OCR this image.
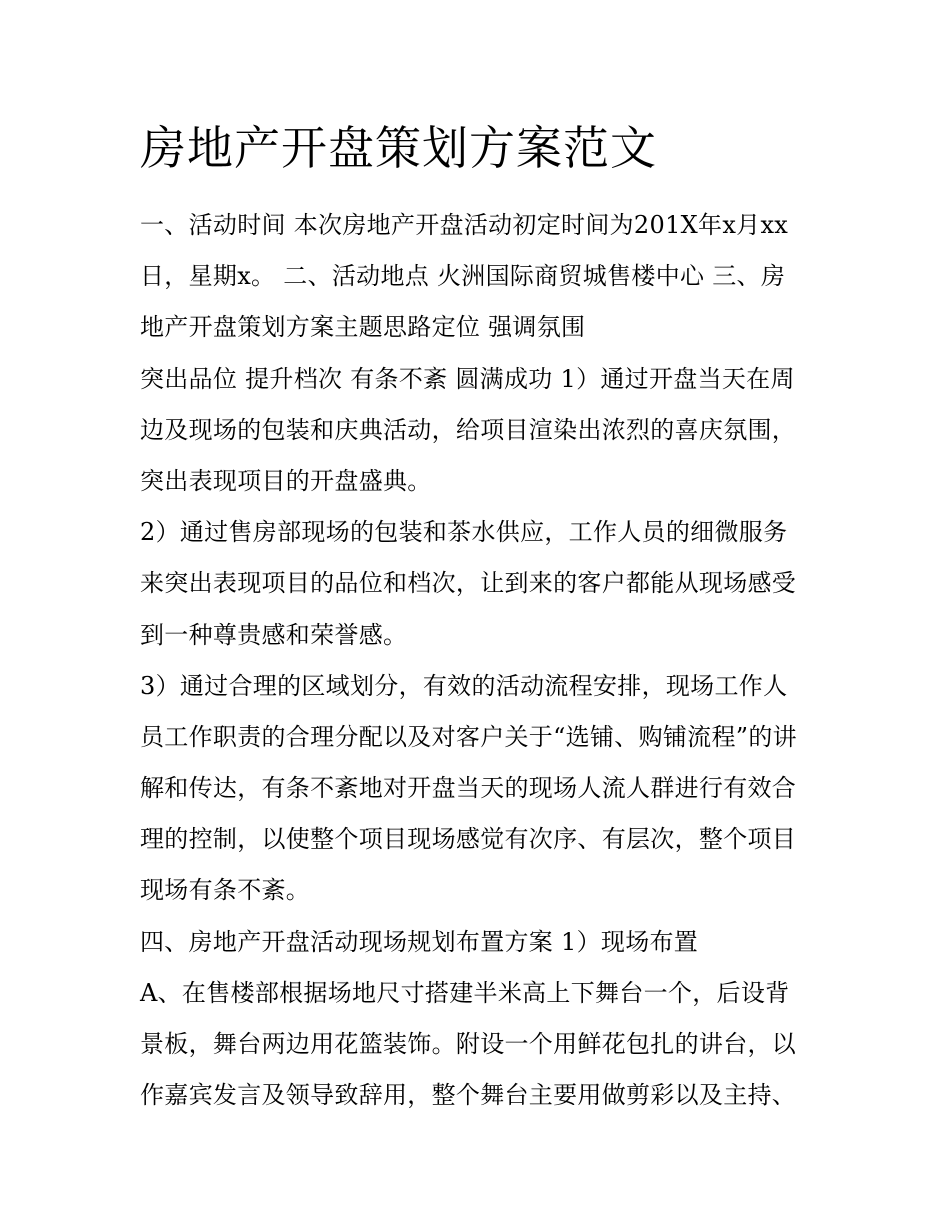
房地产开盘策划方案范文
一、活动时间 本次房地产开盘活动初定时间为201X年x月xx
日，星期x。 二、活动地点 火洲国际商贸城售楼中心 三、房
地产开盘策划方案主题思路定位 强调氛围
突出品位 提升档次 有条不紊 圆满成功 1）通过开盘当天在周
边及现场的包装和庆典活动，给项目渲染出浓烈的喜庆氛围，
突出表现项目的开盘盛典。
2）通过售房部现场的包装和茶水供应，工作人员的细微服务
来突出表现项目的品位和档次，让到来的客户都能从现场感受
到一种尊贵感和荣誉感。
3）通过合理的区域划分，有效的活动流程安排，现场工作人
员工作职责的合理分配以及对客户关于“选铺、购铺流程”的讲
解和传达，有条不紊地对开盘当天的现场人流人群进行有效合
理的控制，以使整个项目现场感觉有次序、有层次，整个项目
现场有条不紊。
四、房地产开盘活动现场规划布置方案 1）现场布置
A、在售楼部根据场地尺寸搭建半米高上下舞台一个，后设背
景板，舞台两边用花篮装饰。附设一个用鲜花包扎的讲台，以
作嘉宾发言及领导致辞用，整个舞台主要用做剪彩以及主持、
